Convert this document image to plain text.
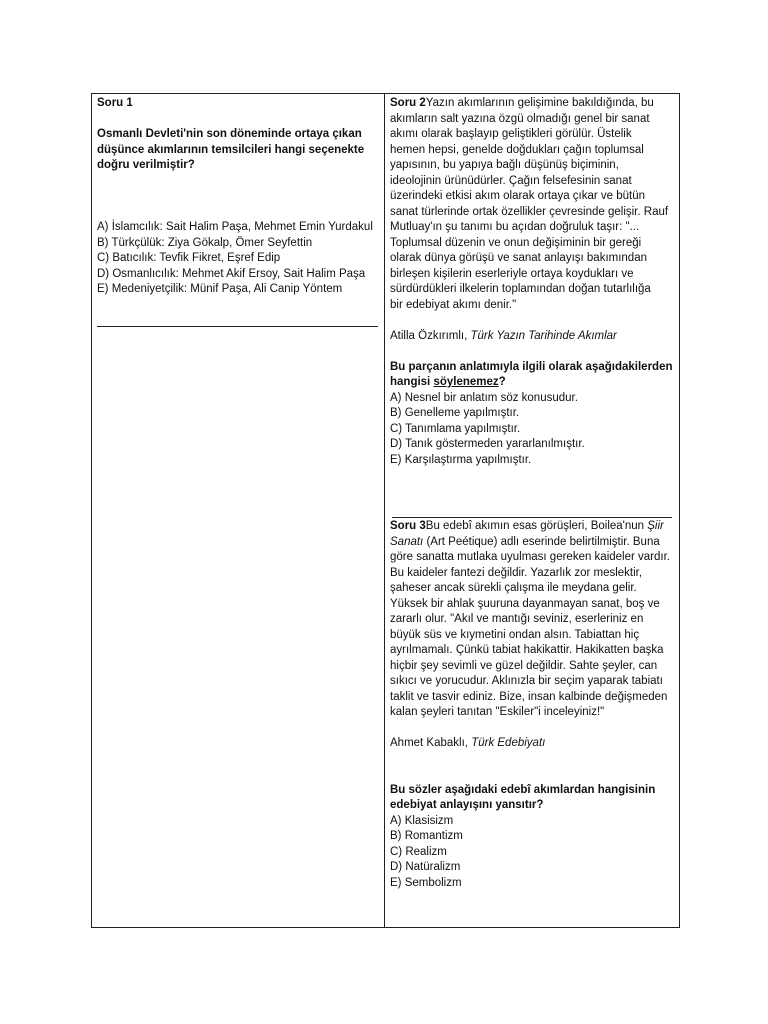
Soru 1
Osmanlı Devleti'nin son döneminde ortaya çıkan
düşünce akımlarının temsilcileri hangi seçenekte
doğru verilmiştir?
A) İslamcılık: Sait Halim Paşa, Mehmet Emin Yurdakul
B) Türkçülük: Ziya Gökalp, Ömer Seyfettin
C) Batıcılık: Tevfik Fikret, Eşref Edip
D) Osmanlıcılık: Mehmet Akif Ersoy, Sait Halim Paşa
E) Medeniyetçilik: Münif Paşa, Ali Canip Yöntem
Soru 2Yazın akımlarının gelişimine bakıldığında, bu
akımların salt yazına özgü olmadığı genel bir sanat
akımı olarak başlayıp geliştikleri görülür. Üstelik
hemen hepsi, genelde doğdukları çağın toplumsal
yapısının, bu yapıya bağlı düşünüş biçiminin,
ideolojinin ürünüdürler. Çağın felsefesinin sanat
üzerindeki etkisi akım olarak ortaya çıkar ve bütün
sanat türlerinde ortak özellikler çevresinde gelişir. Rauf
Mutluay'ın şu tanımı bu açıdan doğruluk taşır: "...
Toplumsal düzenin ve onun değişiminin bir gereği
olarak dünya görüşü ve sanat anlayışı bakımından
birleşen kişilerin eserleriyle ortaya koydukları ve
sürdürdükleri ilkelerin toplamından doğan tutarlılığa
bir edebiyat akımı denir."
Atilla Özkırımlı, Türk Yazın Tarihinde Akımlar
Bu parçanın anlatımıyla ilgili olarak aşağıdakilerden
hangisi söylenemez?
A) Nesnel bir anlatım söz konusudur.
B) Genelleme yapılmıştır.
C) Tanımlama yapılmıştır.
D) Tanık göstermeden yararlanılmıştır.
E) Karşılaştırma yapılmıştır.
Soru 3Bu edebî akımın esas görüşleri, Boilea'nun Şiir
Sanatı (Art Peétique) adlı eserinde belirtilmiştir. Buna
göre sanatta mutlaka uyulması gereken kaideler vardır.
Bu kaideler fantezi değildir. Yazarlık zor meslektir,
şaheser ancak sürekli çalışma ile meydana gelir.
Yüksek bir ahlak şuuruna dayanmayan sanat, boş ve
zararlı olur. "Akıl ve mantığı seviniz, eserleriniz en
büyük süs ve kıymetini ondan alsın. Tabiattan hiç
ayrılmamalı. Çünkü tabiat hakikattir. Hakikatten başka
hiçbir şey sevimli ve güzel değildir. Sahte şeyler, can
sıkıcı ve yorucudur. Aklınızla bir seçim yaparak tabiatı
taklit ve tasvir ediniz. Bize, insan kalbinde değişmeden
kalan şeyleri tanıtan "Eskiler"i inceleyiniz!"
Ahmet Kabaklı, Türk Edebiyatı
Bu sözler aşağıdaki edebî akımlardan hangisinin
edebiyat anlayışını yansıtır?
A) Klasisizm
B) Romantizm
C) Realizm
D) Natüralizm
E) Sembolizm
